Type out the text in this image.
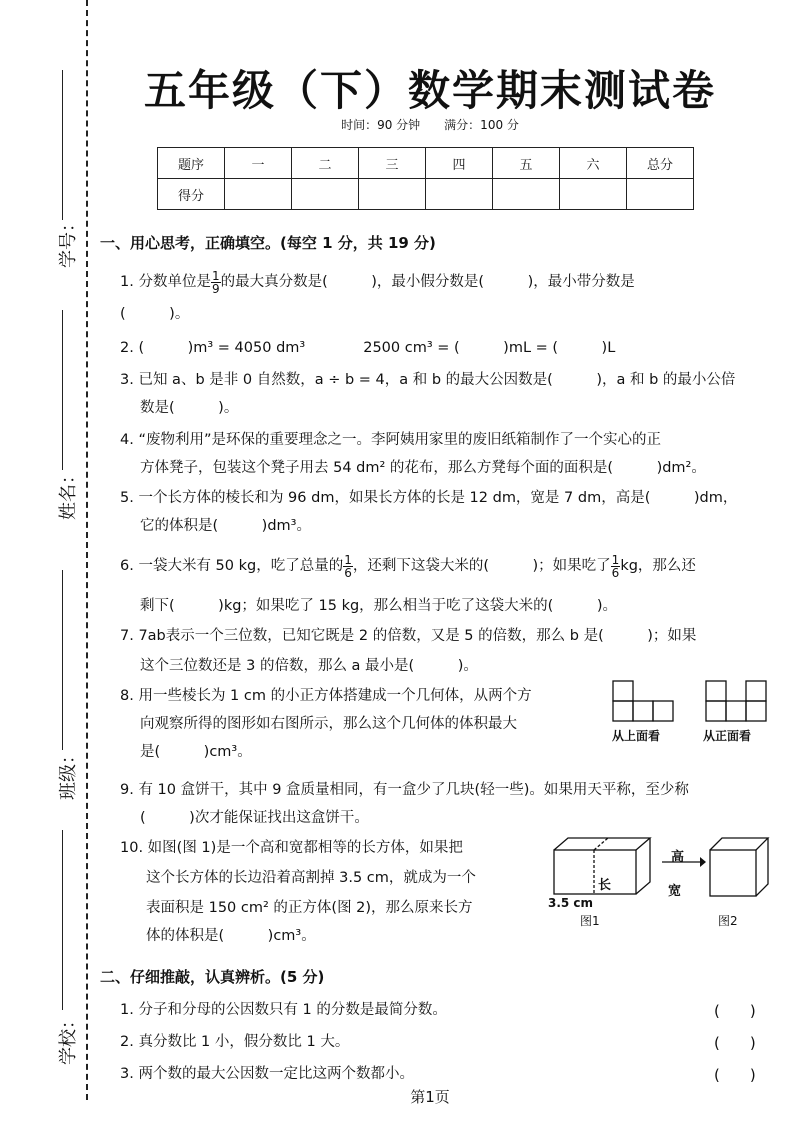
学号：
姓名：
班级：
学校：
五年级（下）数学期末测试卷
时间：90 分钟　　满分：100 分
题序	一	二	三	四	五	六	总分
得分							
一、用心思考，正确填空。(每空 1 分，共 19 分)
1. 分数单位是 $\frac{1}{9}$ 的最大真分数是(　　　)，最小假分数是(　　　)，最小带分数是
(　　　)。
2. (　　　)m³ = 4050 dm³　　　　2500 cm³ = (　　　)mL = (　　　)L
3. 已知 a、b 是非 0 自然数，a ÷ b = 4，a 和 b 的最大公因数是(　　　)，a 和 b 的最小公倍
数是(　　　)。
4. “废物利用”是环保的重要理念之一。李阿姨用家里的废旧纸箱制作了一个实心的正
方体凳子，包装这个凳子用去 54 dm² 的花布，那么方凳每个面的面积是(　　　)dm²。
5. 一个长方体的棱长和为 96 dm，如果长方体的长是 12 dm，宽是 7 dm，高是(　　　)dm，
它的体积是(　　　)dm³。
6. 一袋大米有 50 kg，吃了总量的 $\frac{1}{6}$ ，还剩下这袋大米的(　　　)；如果吃了 $\frac{1}{6}$ kg，那么还
剩下(　　　)kg；如果吃了 15 kg，那么相当于吃了这袋大米的(　　　)。
7. 7ab表示一个三位数，已知它既是 2 的倍数，又是 5 的倍数，那么 b 是(　　　)；如果
这个三位数还是 3 的倍数，那么 a 最小是(　　　)。
8. 用一些棱长为 1 cm 的小正方体搭建成一个几何体，从两个方
向观察所得的图形如右图所示，那么这个几何体的体积最大
是(　　　)cm³。
从上面看	从正面看
9. 有 10 盒饼干，其中 9 盒质量相同，有一盒少了几块(轻一些)。如果用天平称，至少称
(　　　)次才能保证找出这盒饼干。
10. 如图(图 1)是一个高和宽都相等的长方体，如果把
这个长方体的长边沿着高割掉 3.5 cm，就成为一个
表面积是 150 cm² 的正方体(图 2)，那么原来长方
体的体积是(　　　)cm³。
高
长	宽
3.5 cm
图1	图2
二、仔细推敲，认真辨析。(5 分)
1. 分子和分母的公因数只有 1 的分数是最简分数。	(　　)
2. 真分数比 1 小，假分数比 1 大。	(　　)
3. 两个数的最大公因数一定比这两个数都小。	(　　)
第1页
